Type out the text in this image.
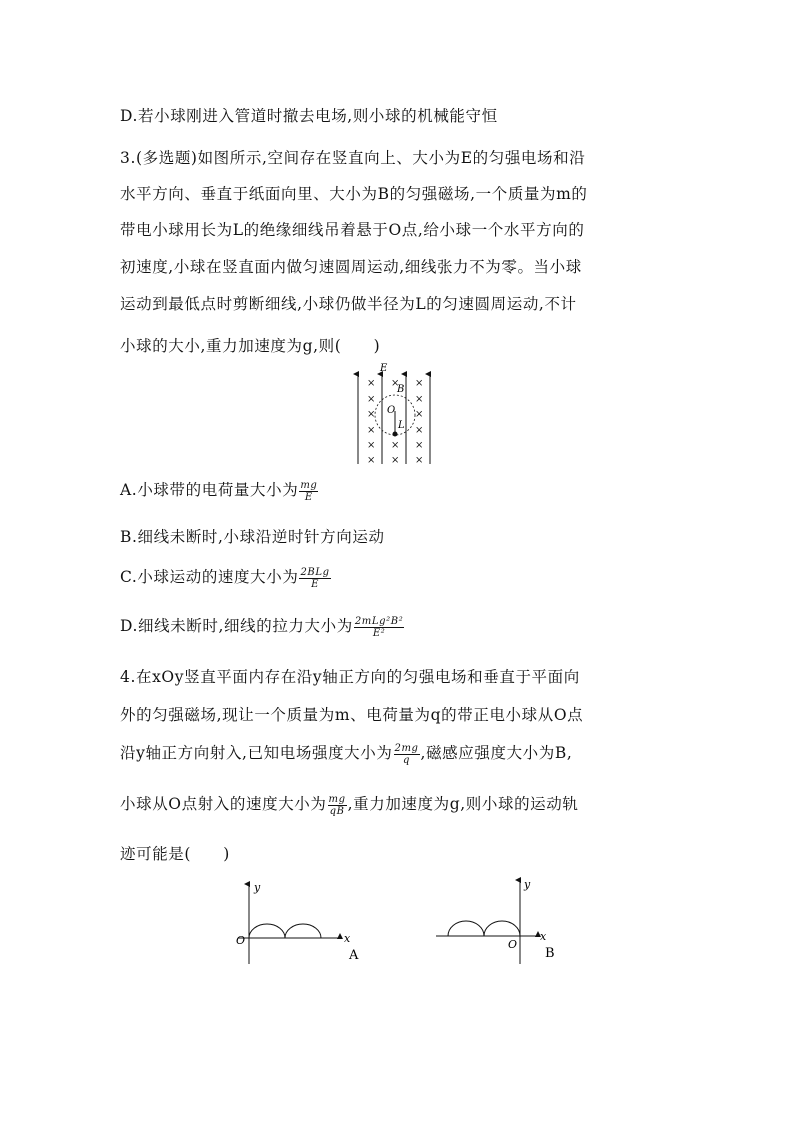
D.若小球刚进入管道时撤去电场,则小球的机械能守恒
3.(多选题)如图所示,空间存在竖直向上、大小为E的匀强电场和沿
水平方向、垂直于纸面向里、大小为B的匀强磁场,一个质量为m的
带电小球用长为L的绝缘细线吊着悬于O点,给小球一个水平方向的
初速度,小球在竖直面内做匀速圆周运动,细线张力不为零。当小球
运动到最低点时剪断细线,小球仍做半径为L的匀速圆周运动,不计
小球的大小,重力加速度为g,则(　　)
E
× × ×
×	×
×	×
×	×
× × ×
× × ×
B
O
L
A.小球带的电荷量大小为 $\frac{mg}{E}$
B.细线未断时,小球沿逆时针方向运动
C.小球运动的速度大小为 $\frac{\text{2BLg}}{E}$
D.细线未断时,细线的拉力大小为 $\frac{\text{2mLg²B²}}{\text{E²}}$
4.在xOy竖直平面内存在沿y轴正方向的匀强电场和垂直于平面向
外的匀强磁场,现让一个质量为m、电荷量为q的带正电小球从O点
沿y轴正方向射入,已知电场强度大小为 $\frac{2mg}{q}$ ,磁感应强度大小为B,
小球从O点射入的速度大小为 $\frac{mg}{qB}$ ,重力加速度为g,则小球的运动轨
迹可能是(　　)
y
x
O
A
y
x
O
B
